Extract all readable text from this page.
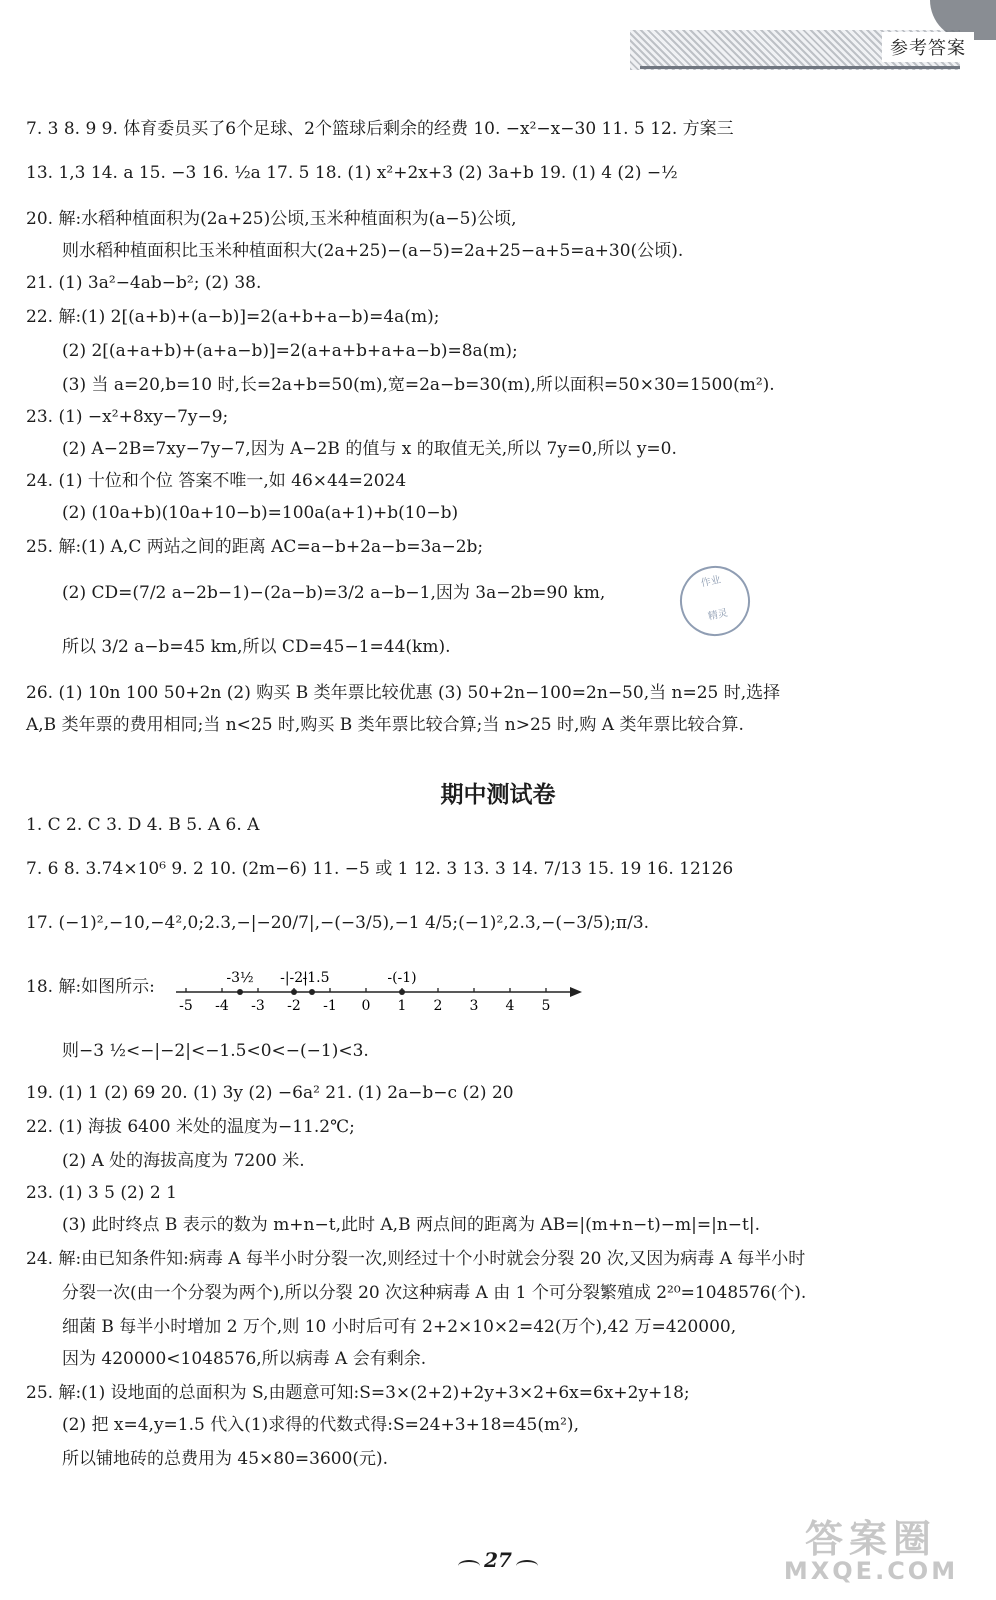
参考答案
7. 3 8. 9 9. 体育委员买了6个足球、2个篮球后剩余的经费 10. −x²−x−30 11. 5 12. 方案三
13. 1,3 14. a 15. −3 16. ½a 17. 5 18. (1) x²+2x+3 (2) 3a+b 19. (1) 4 (2) −½
20. 解:水稻种植面积为(2a+25)公顷,玉米种植面积为(a−5)公顷,
则水稻种植面积比玉米种植面积大(2a+25)−(a−5)=2a+25−a+5=a+30(公顷).
21. (1) 3a²−4ab−b²; (2) 38.
22. 解:(1) 2[(a+b)+(a−b)]=2(a+b+a−b)=4a(m);
(2) 2[(a+a+b)+(a+a−b)]=2(a+a+b+a+a−b)=8a(m);
(3) 当 a=20,b=10 时,长=2a+b=50(m),宽=2a−b=30(m),所以面积=50×30=1500(m²).
23. (1) −x²+8xy−7y−9;
(2) A−2B=7xy−7y−7,因为 A−2B 的值与 x 的取值无关,所以 7y=0,所以 y=0.
24. (1) 十位和个位 答案不唯一,如 46×44=2024
(2) (10a+b)(10a+10−b)=100a(a+1)+b(10−b)
25. 解:(1) A,C 两站之间的距离 AC=a−b+2a−b=3a−2b;
(2) CD=(7/2 a−2b−1)−(2a−b)=3/2 a−b−1,因为 3a−2b=90 km,
所以 3/2 a−b=45 km,所以 CD=45−1=44(km).
26. (1) 10n 100 50+2n (2) 购买 B 类年票比较优惠 (3) 50+2n−100=2n−50,当 n=25 时,选择
A,B 类年票的费用相同;当 n<25 时,购买 B 类年票比较合算;当 n>25 时,购 A 类年票比较合算.
作业
精灵
期中测试卷
1. C 2. C 3. D 4. B 5. A 6. A
7. 6 8. 3.74×10⁶ 9. 2 10. (2m−6) 11. −5 或 1 12. 3 13. 3 14. 7/13 15. 19 16. 12126
17. (−1)²,−10,−4²,0;2.3,−|−20/7|,−(−3/5),−1 4/5;(−1)²,2.3,−(−3/5);π/3.
18. 解:如图所示:
-5 -4 -3 -2 -1 0 1 2 3 4 5
-3½ -|-2|
-1.5	-(-1)
则−3 ½<−|−2|<−1.5<0<−(−1)<3.
19. (1) 1 (2) 69 20. (1) 3y (2) −6a² 21. (1) 2a−b−c (2) 20
22. (1) 海拔 6400 米处的温度为−11.2℃;
(2) A 处的海拔高度为 7200 米.
23. (1) 3 5 (2) 2 1
(3) 此时终点 B 表示的数为 m+n−t,此时 A,B 两点间的距离为 AB=|(m+n−t)−m|=|n−t|.
24. 解:由已知条件知:病毒 A 每半小时分裂一次,则经过十个小时就会分裂 20 次,又因为病毒 A 每半小时
分裂一次(由一个分裂为两个),所以分裂 20 次这种病毒 A 由 1 个可分裂繁殖成 2²⁰=1048576(个).
细菌 B 每半小时增加 2 万个,则 10 小时后可有 2+2×10×2=42(万个),42 万=420000,
因为 420000<1048576,所以病毒 A 会有剩余.
25. 解:(1) 设地面的总面积为 S,由题意可知:S=3×(2+2)+2y+3×2+6x=6x+2y+18;
(2) 把 x=4,y=1.5 代入(1)求得的代数式得:S=24+3+18=45(m²),
所以铺地砖的总费用为 45×80=3600(元).
27	答案圈
MXQE.COM
